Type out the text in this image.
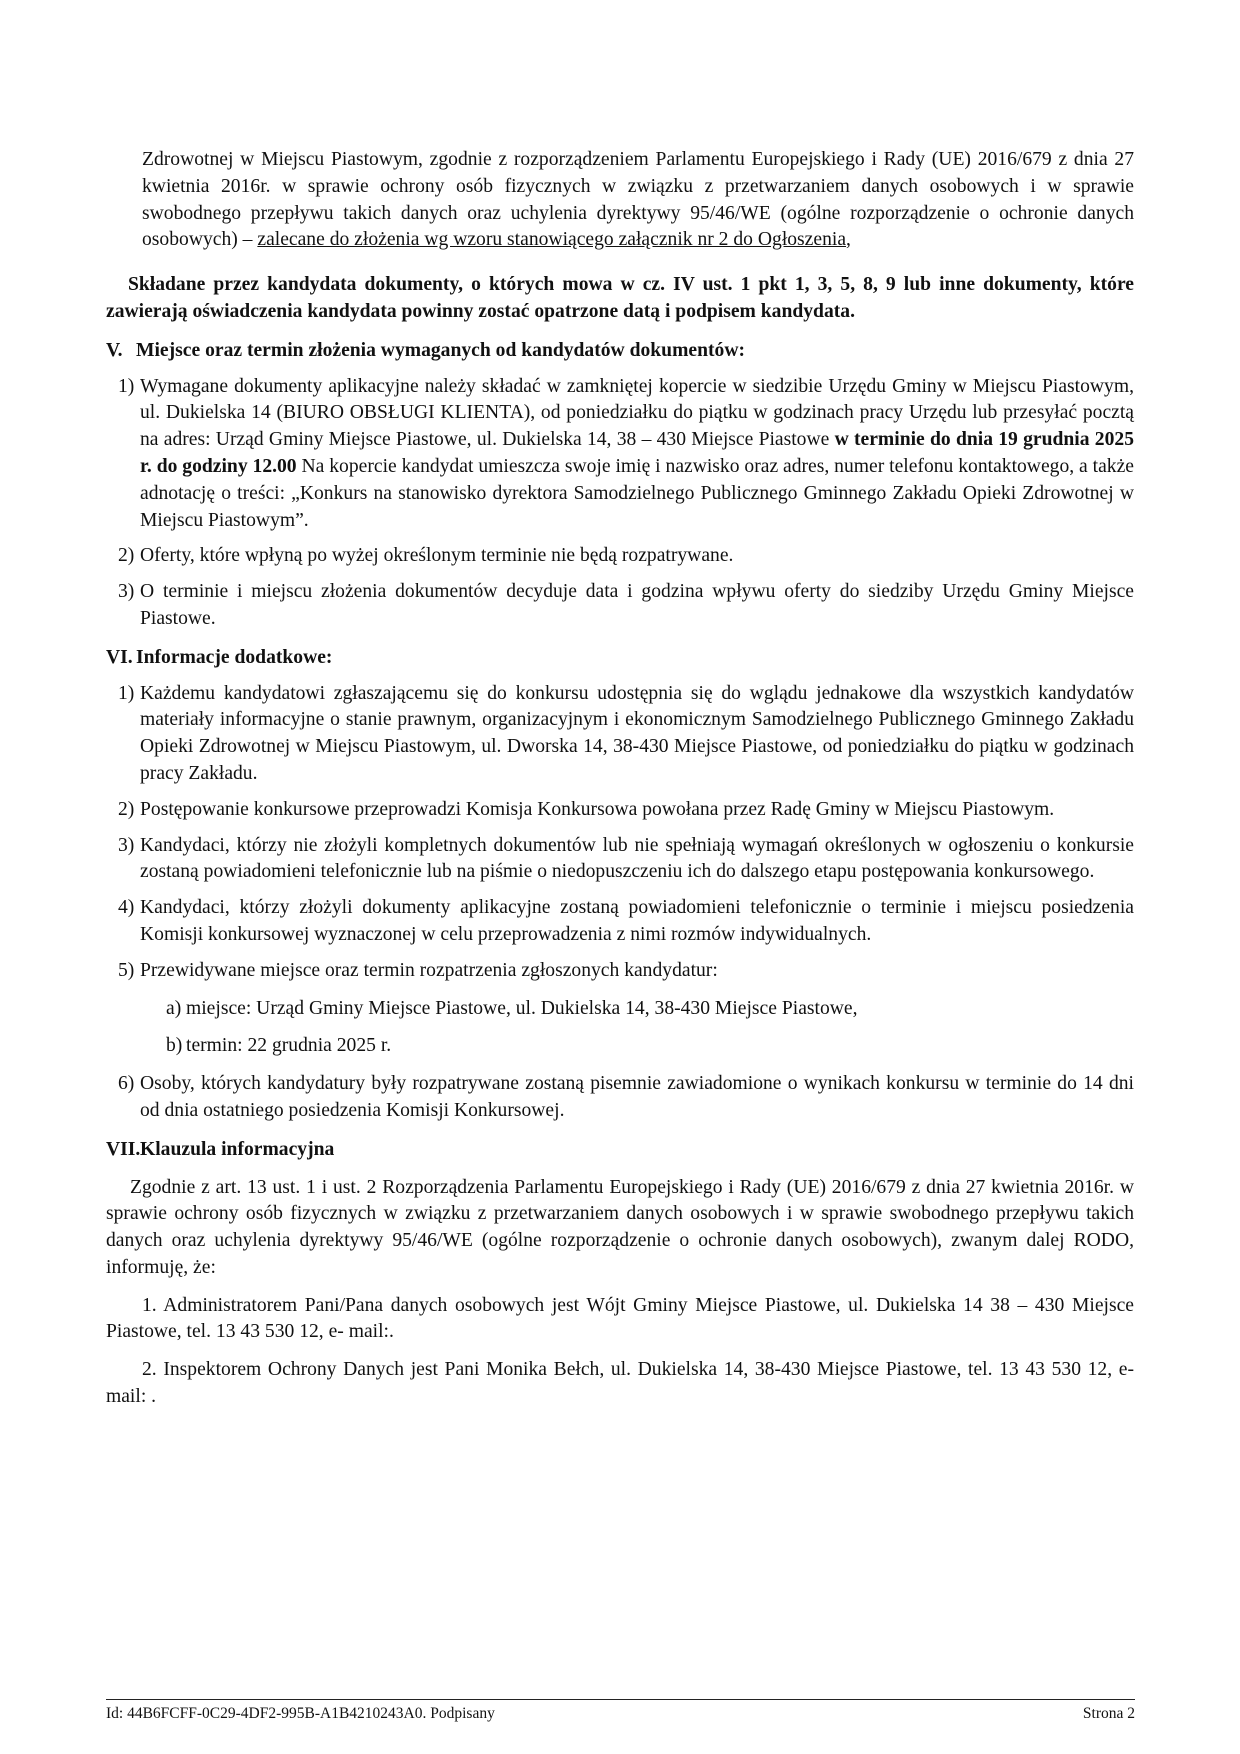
Zdrowotnej w Miejscu Piastowym, zgodnie z rozporządzeniem Parlamentu Europejskiego i Rady (UE) 2016/679 z dnia 27 kwietnia 2016r. w sprawie ochrony osób fizycznych w związku z przetwarzaniem danych osobowych i w sprawie swobodnego przepływu takich danych oraz uchylenia dyrektywy 95/46/WE (ogólne rozporządzenie o ochronie danych osobowych) – zalecane do złożenia wg wzoru stanowiącego załącznik nr 2 do Ogłoszenia,

Składane przez kandydata dokumenty, o których mowa w cz. IV ust. 1 pkt 1, 3, 5, 8, 9 lub inne dokumenty, które zawierają oświadczenia kandydata powinny zostać opatrzone datą i podpisem kandydata.

V. Miejsce oraz termin złożenia wymaganych od kandydatów dokumentów:
1) Wymagane dokumenty aplikacyjne należy składać w zamkniętej kopercie w siedzibie Urzędu Gminy w Miejscu Piastowym, ul. Dukielska 14 (BIURO OBSŁUGI KLIENTA), od poniedziałku do piątku w godzinach pracy Urzędu lub przesyłać pocztą na adres: Urząd Gminy Miejsce Piastowe, ul. Dukielska 14, 38 – 430 Miejsce Piastowe w terminie do dnia 19 grudnia 2025 r. do godziny 12.00 Na kopercie kandydat umieszcza swoje imię i nazwisko oraz adres, numer telefonu kontaktowego, a także adnotację o treści: „Konkurs na stanowisko dyrektora Samodzielnego Publicznego Gminnego Zakładu Opieki Zdrowotnej w Miejscu Piastowym”.
2) Oferty, które wpłyną po wyżej określonym terminie nie będą rozpatrywane.
3) O terminie i miejscu złożenia dokumentów decyduje data i godzina wpływu oferty do siedziby Urzędu Gminy Miejsce Piastowe.
VI. Informacje dodatkowe:
1) Każdemu kandydatowi zgłaszającemu się do konkursu udostępnia się do wglądu jednakowe dla wszystkich kandydatów materiały informacyjne o stanie prawnym, organizacyjnym i ekonomicznym Samodzielnego Publicznego Gminnego Zakładu Opieki Zdrowotnej w Miejscu Piastowym, ul. Dworska 14, 38-430 Miejsce Piastowe, od poniedziałku do piątku w godzinach pracy Zakładu.
2) Postępowanie konkursowe przeprowadzi Komisja Konkursowa powołana przez Radę Gminy w Miejscu Piastowym.
3) Kandydaci, którzy nie złożyli kompletnych dokumentów lub nie spełniają wymagań określonych w ogłoszeniu o konkursie zostaną powiadomieni telefonicznie lub na piśmie o niedopuszczeniu ich do dalszego etapu postępowania konkursowego.
4) Kandydaci, którzy złożyli dokumenty aplikacyjne zostaną powiadomieni telefonicznie o terminie i miejscu posiedzenia Komisji konkursowej wyznaczonej w celu przeprowadzenia z nimi rozmów indywidualnych.
5) Przewidywane miejsce oraz termin rozpatrzenia zgłoszonych kandydatur:
a) miejsce: Urząd Gminy Miejsce Piastowe, ul. Dukielska 14, 38-430 Miejsce Piastowe,
b) termin: 22 grudnia 2025 r.
6) Osoby, których kandydatury były rozpatrywane zostaną pisemnie zawiadomione o wynikach konkursu w terminie do 14 dni od dnia ostatniego posiedzenia Komisji Konkursowej.
VII. Klauzula informacyjna

Zgodnie z art. 13 ust. 1 i ust. 2 Rozporządzenia Parlamentu Europejskiego i Rady (UE) 2016/679 z dnia 27 kwietnia 2016r. w sprawie ochrony osób fizycznych w związku z przetwarzaniem danych osobowych i w sprawie swobodnego przepływu takich danych oraz uchylenia dyrektywy 95/46/WE (ogólne rozporządzenie o ochronie danych osobowych), zwanym dalej RODO, informuję, że:

1. Administratorem Pani/Pana danych osobowych jest Wójt Gminy Miejsce Piastowe, ul. Dukielska 14 38 – 430 Miejsce Piastowe, tel. 13 43 530 12, e- mail:.

2. Inspektorem Ochrony Danych jest Pani Monika Bełch, ul. Dukielska 14, 38-430 Miejsce Piastowe, tel. 13 43 530 12, e-mail: .

Id: 44B6FCFF-0C29-4DF2-995B-A1B4210243A0. Podpisany	Strona 2
